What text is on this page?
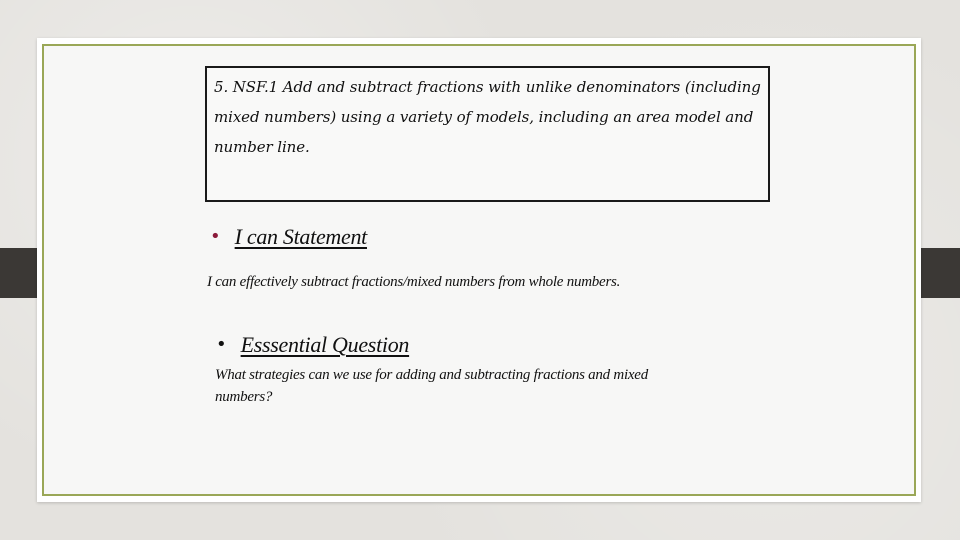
5. NSF.1 Add and subtract fractions with unlike denominators (including mixed numbers) using a variety of models, including an area model and number line.

• I can Statement

I can effectively subtract fractions/mixed numbers from whole numbers.

• Esssential Question

What strategies can we use for adding and subtracting fractions and mixed numbers?
